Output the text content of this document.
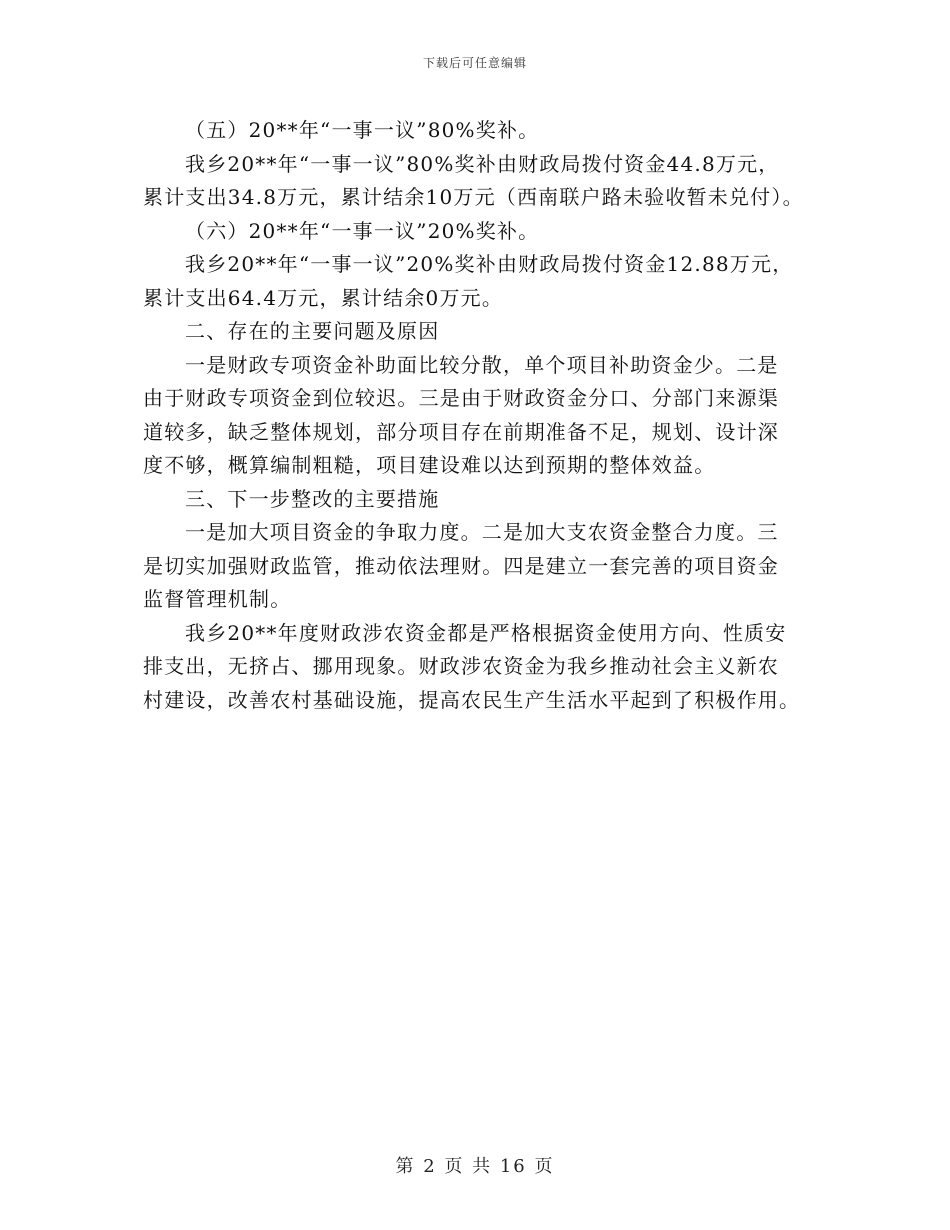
下载后可任意编辑
（五）20**年“一事一议”80%奖补。
我乡20**年“一事一议”80%奖补由财政局拨付资金44.8万元，
累计支出34.8万元，累计结余10万元（西南联户路未验收暂未兑付）。
（六）20**年“一事一议”20%奖补。
我乡20**年“一事一议”20%奖补由财政局拨付资金12.88万元，
累计支出64.4万元，累计结余0万元。
二、存在的主要问题及原因
一是财政专项资金补助面比较分散，单个项目补助资金少。二是
由于财政专项资金到位较迟。三是由于财政资金分口、分部门来源渠
道较多，缺乏整体规划，部分项目存在前期准备不足，规划、设计深
度不够，概算编制粗糙，项目建设难以达到预期的整体效益。
三、下一步整改的主要措施
一是加大项目资金的争取力度。二是加大支农资金整合力度。三
是切实加强财政监管，推动依法理财。四是建立一套完善的项目资金
监督管理机制。
我乡20**年度财政涉农资金都是严格根据资金使用方向、性质安
排支出，无挤占、挪用现象。财政涉农资金为我乡推动社会主义新农
村建设，改善农村基础设施，提高农民生产生活水平起到了积极作用。
第 2 页 共 16 页
